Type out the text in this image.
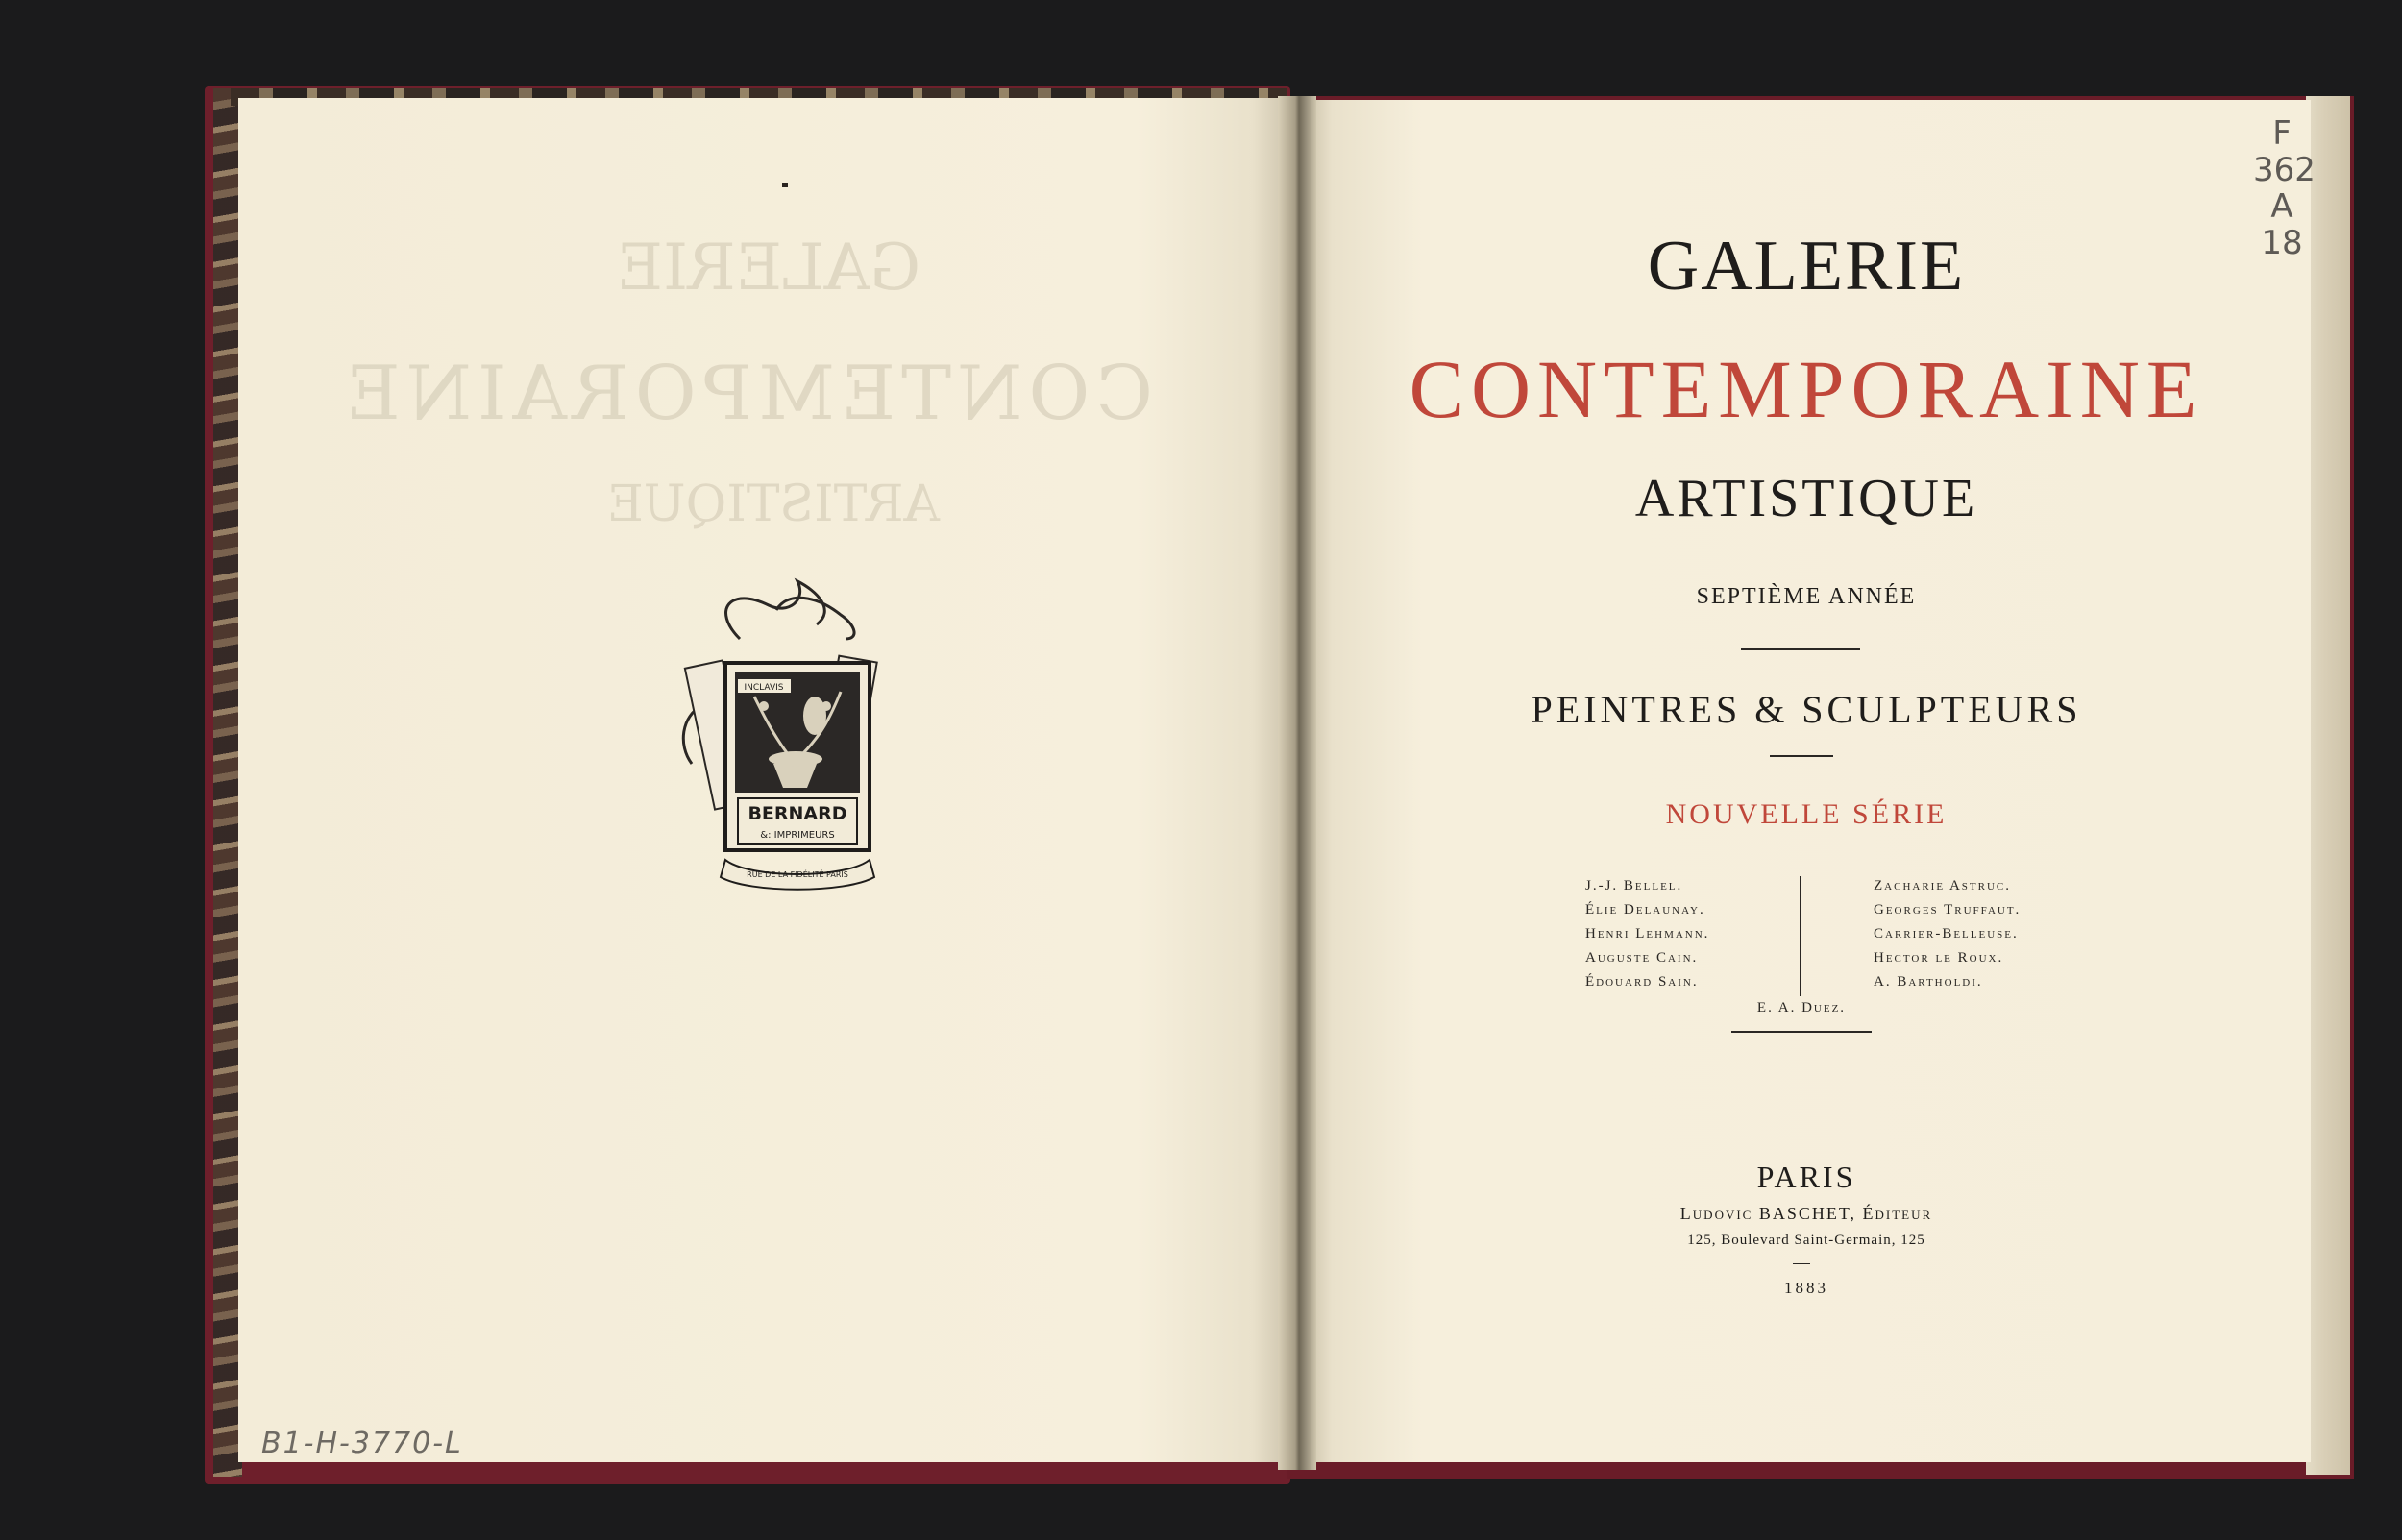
GALERIE
CONTEMPORAINE
ARTISTIQUE
INCLAVIS
BERNARD
&: IMPRIMEURS
RUE DE LA FIDÉLITÉ PARIS
B1-H-3770-L
F
362
A
18
GALERIE
CONTEMPORAINE
ARTISTIQUE
SEPTIÈME ANNÉE
PEINTRES & SCULPTEURS
NOUVELLE SÉRIE
J.-J. Bellel.
Élie Delaunay.
Henri Lehmann.
Auguste Cain.
Édouard Sain.
Zacharie Astruc.
Georges Truffaut.
Carrier-Belleuse.
Hector le Roux.
A. Bartholdi.
E. A. Duez.
PARIS
Ludovic BASCHET, Éditeur
125, Boulevard Saint-Germain, 125
1883
